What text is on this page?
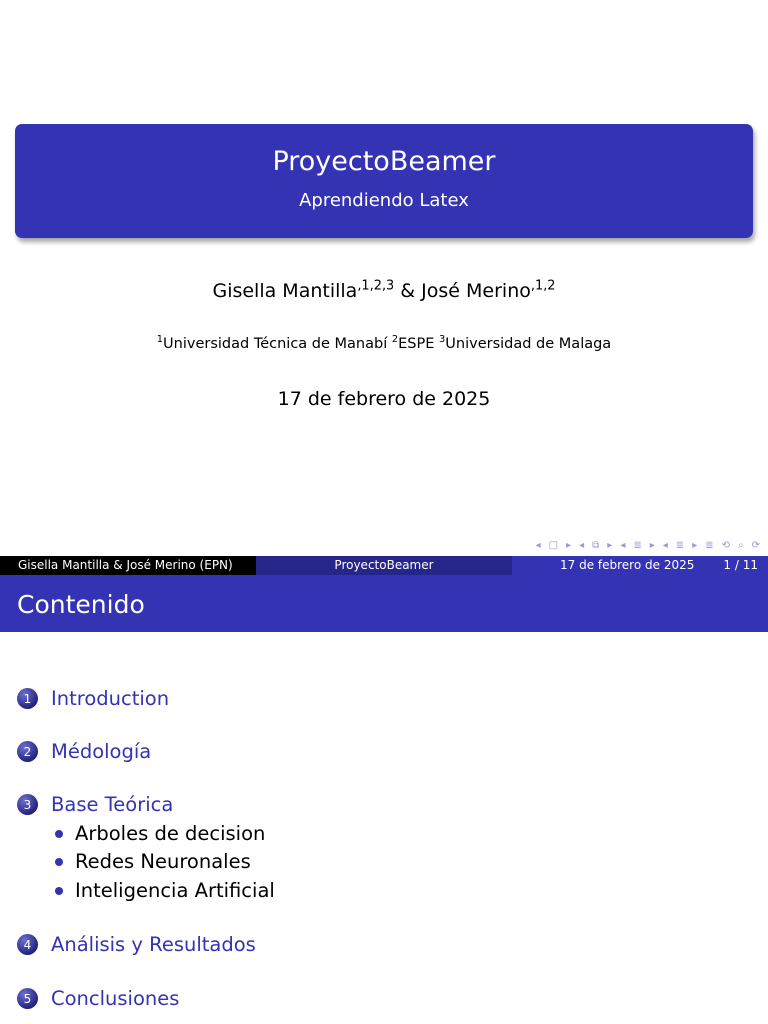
ProyectoBeamer
Aprendiendo Latex
Gisella Mantilla$^{,1,2,3}$ & José Merino$^{,1,2}$
$^1$Universidad Técnica de Manabí $^2$ESPE $^3$Universidad de Malaga
17 de febrero de 2025
◂ □ ▸ ◂ ⧉ ▸ ◂ ≣ ▸ ◂ ≣ ▸ ≣ ⟲ ⌕ ⟳
Gisella Mantilla & José Merino (EPN)	ProyectoBeamer	17 de febrero de 2025 1 / 11
Contenido
1	Introduction
2	Médología
3	Base Teórica
Arboles de decision
Redes Neuronales
Inteligencia Artificial
4	Análisis y Resultados
5	Conclusiones
